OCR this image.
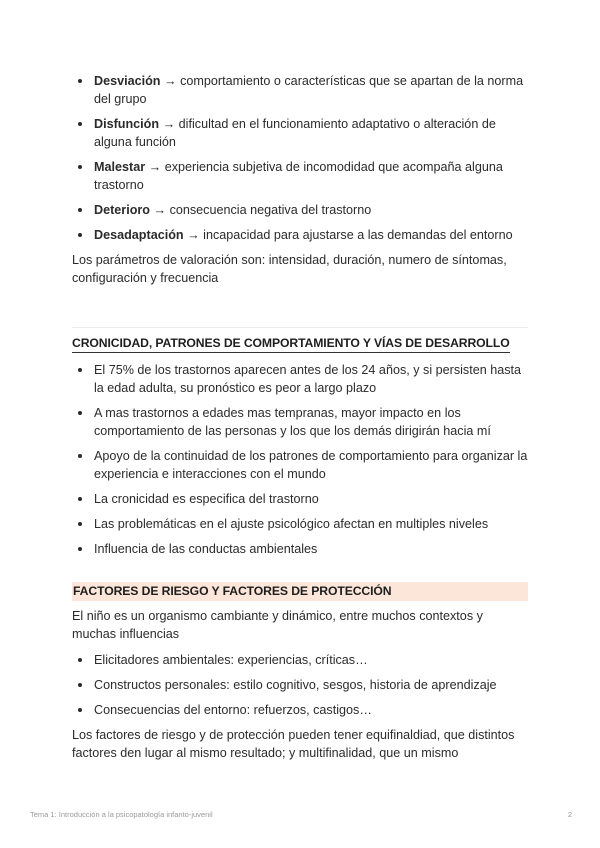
Desviación → comportamiento o características que se apartan de la norma del grupo
Disfunción → dificultad en el funcionamiento adaptativo o alteración de alguna función
Malestar → experiencia subjetiva de incomodidad que acompaña alguna trastorno
Deterioro → consecuencia negativa del trastorno
Desadaptación → incapacidad para ajustarse a las demandas del entorno

Los parámetros de valoración son: intensidad, duración, numero de síntomas, configuración y frecuencia

CRONICIDAD, PATRONES DE COMPORTAMIENTO Y VÍAS DE DESARROLLO
El 75% de los trastornos aparecen antes de los 24 años, y si persisten hasta la edad adulta, su pronóstico es peor a largo plazo
A mas trastornos a edades mas tempranas, mayor impacto en los comportamiento de las personas y los que los demás dirigirán hacia mí
Apoyo de la continuidad de los patrones de comportamiento para organizar la experiencia e interacciones con el mundo
La cronicidad es especifica del trastorno
Las problemáticas en el ajuste psicológico afectan en multiples niveles
Influencia de las conductas ambientales
FACTORES DE RIESGO Y FACTORES DE PROTECCIÓN

El niño es un organismo cambiante y dinámico, entre muchos contextos y muchas influencias

Elicitadores ambientales: experiencias, críticas…
Constructos personales: estilo cognitivo, sesgos, historia de aprendizaje
Consecuencias del entorno: refuerzos, castigos…

Los factores de riesgo y de protección pueden tener equifinaldiad, que distintos factores den lugar al mismo resultado; y multifinalidad, que un mismo

Tema 1: Introducción a la psicopatología infanto-juvenil	2
